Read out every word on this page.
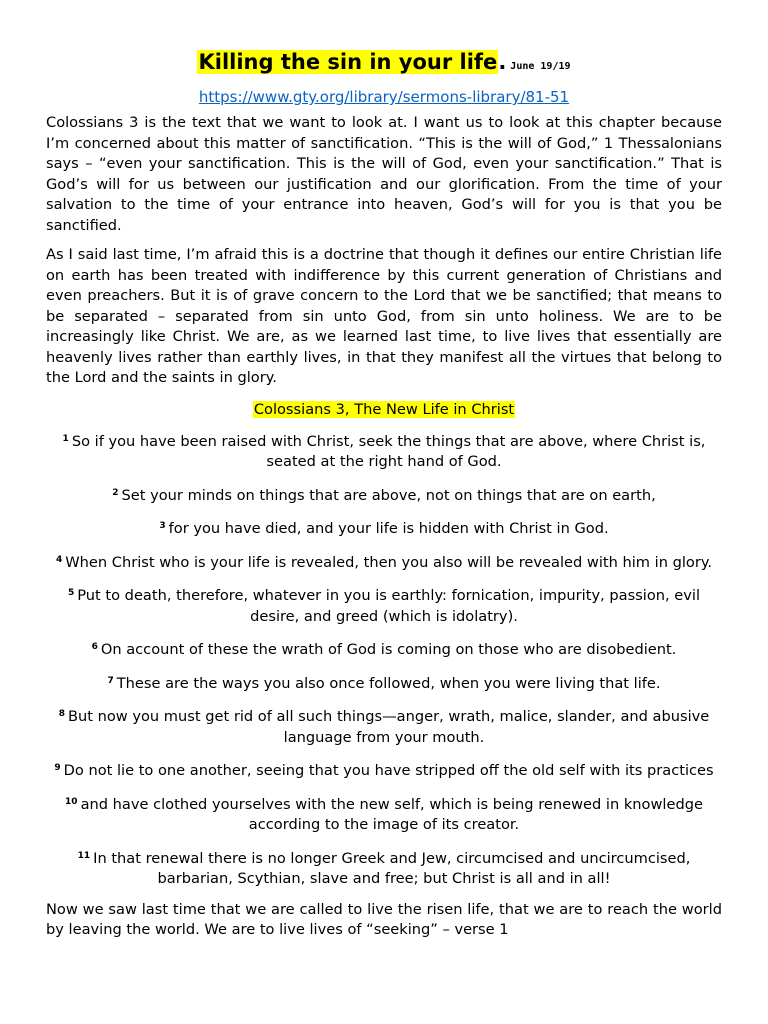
Killing the sin in your life. June 19/19
https://www.gty.org/library/sermons-library/81-51

Colossians 3 is the text that we want to look at. I want us to look at this chapter because I’m concerned about this matter of sanctification. “This is the will of God,” 1 Thessalonians says – “even your sanctification. This is the will of God, even your sanctification.” That is God’s will for us between our justification and our glorification. From the time of your salvation to the time of your entrance into heaven, God’s will for you is that you be sanctified.

As I said last time, I’m afraid this is a doctrine that though it defines our entire Christian life on earth has been treated with indifference by this current generation of Christians and even preachers. But it is of grave concern to the Lord that we be sanctified; that means to be separated – separated from sin unto God, from sin unto holiness. We are to be increasingly like Christ. We are, as we learned last time, to live lives that essentially are heavenly lives rather than earthly lives, in that they manifest all the virtues that belong to the Lord and the saints in glory.

Colossians 3, The New Life in Christ

$^1$ So if you have been raised with Christ, seek the things that are above, where Christ is, seated at the right hand of God.

$^2$ Set your minds on things that are above, not on things that are on earth,

$^3$ for you have died, and your life is hidden with Christ in God.

$^4$ When Christ who is your life is revealed, then you also will be revealed with him in glory.

$^5$ Put to death, therefore, whatever in you is earthly: fornication, impurity, passion, evil desire, and greed (which is idolatry).

$^6$ On account of these the wrath of God is coming on those who are disobedient.

$^7$ These are the ways you also once followed, when you were living that life.

$^8$ But now you must get rid of all such things—anger, wrath, malice, slander, and abusive language from your mouth.

$^9$ Do not lie to one another, seeing that you have stripped off the old self with its practices

$^{10}$ and have clothed yourselves with the new self, which is being renewed in knowledge according to the image of its creator.

$^{11}$ In that renewal there is no longer Greek and Jew, circumcised and uncircumcised, barbarian, Scythian, slave and free; but Christ is all and in all!

Now we saw last time that we are called to live the risen life, that we are to reach the world by leaving the world. We are to live lives of “seeking” – verse 1
